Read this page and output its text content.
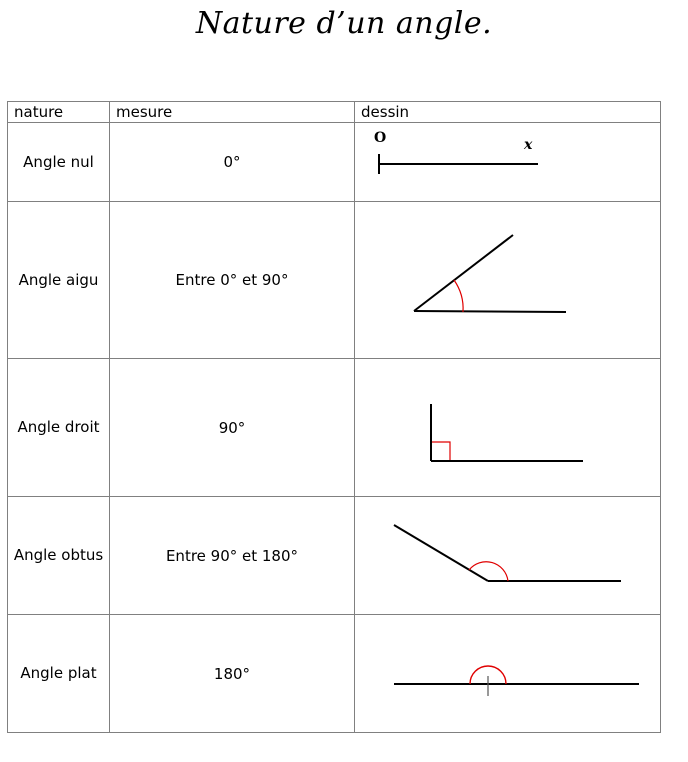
Nature d’un angle.
nature	mesure	dessin
Angle nul	0°	O x

Angle aigu	Entre 0° et 90°	

Angle droit	90°	

Angle obtus	Entre 90° et 180°	

Angle plat	180°	
